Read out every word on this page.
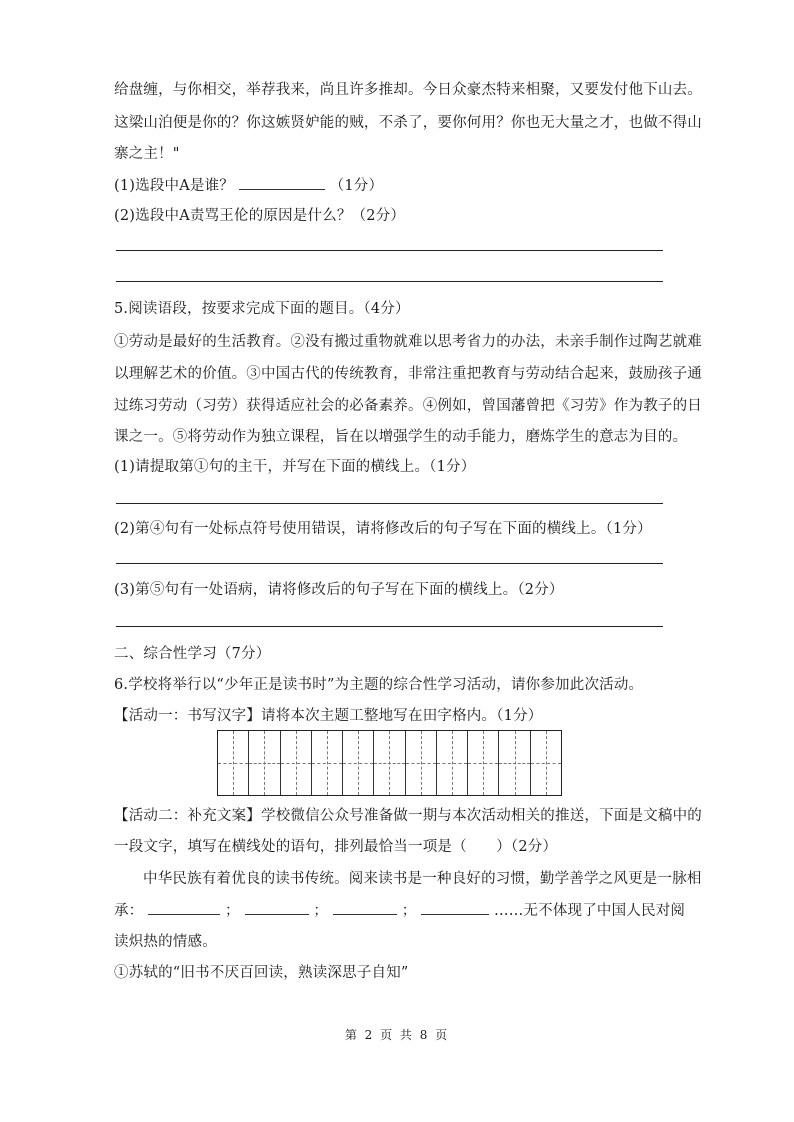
给盘缠，与你相交，举荐我来，尚且许多推却。今日众豪杰特来相聚，又要发付他下山去。
这梁山泊便是你的？你这嫉贤妒能的贼，不杀了，要你何用？你也无大量之才，也做不得山
寨之主！"
(1)选段中A是谁？	（1分）
(2)选段中A责骂王伦的原因是什么？（2分）
5.阅读语段，按要求完成下面的题目。（4分）
①劳动是最好的生活教育。②没有搬过重物就难以思考省力的办法，未亲手制作过陶艺就难
以理解艺术的价值。③中国古代的传统教育，非常注重把教育与劳动结合起来，鼓励孩子通
过练习劳动（习劳）获得适应社会的必备素养。④例如，曾国藩曾把《习劳》作为教子的日
课之一。⑤将劳动作为独立课程，旨在以增强学生的动手能力，磨炼学生的意志为目的。
(1)请提取第①句的主干，并写在下面的横线上。（1分）
(2)第④句有一处标点符号使用错误，请将修改后的句子写在下面的横线上。（1分）
(3)第⑤句有一处语病，请将修改后的句子写在下面的横线上。（2分）
二、综合性学习（7分）
6.学校将举行以“少年正是读书时”为主题的综合性学习活动，请你参加此次活动。
【活动一：书写汉字】请将本次主题工整地写在田字格内。（1分）
【活动二：补充文案】学校微信公众号准备做一期与本次活动相关的推送，下面是文稿中的
一段文字，填写在横线处的语句，排列最恰当一项是（　　）（2分）
中华民族有着优良的读书传统。阅来读书是一种良好的习惯，勤学善学之风更是一脉相
承：	；	；	；	……无不体现了中国人民对阅
读炽热的情感。
①苏轼的“旧书不厌百回读，熟读深思子自知”
第 2 页 共 8 页
